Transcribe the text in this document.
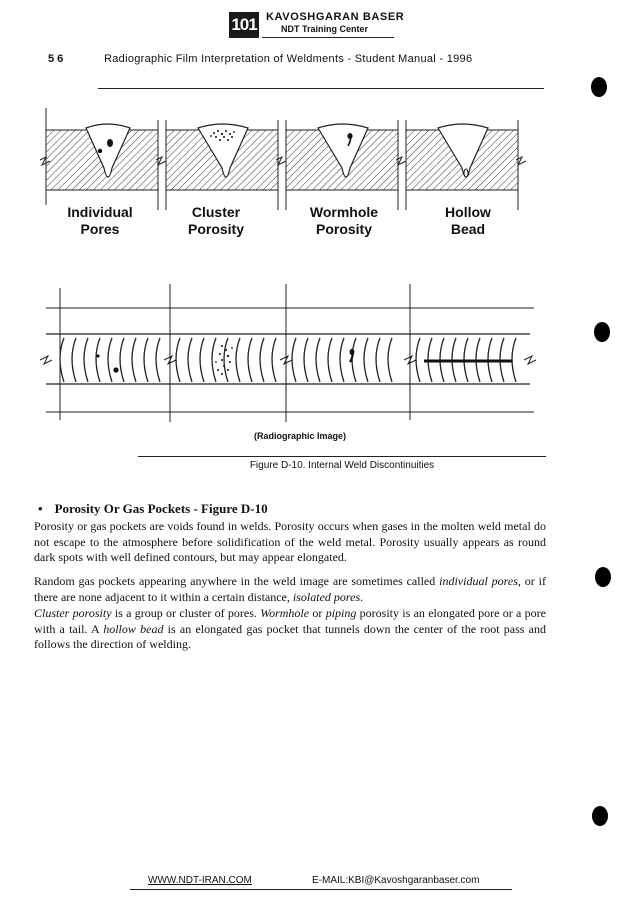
101 KAVOSHGARAN BASER
NDT Training Center
5 6	Radiographic Film Interpretation of Weldments - Student Manual - 1996
Individual
Pores
Cluster
Porosity
Wormhole
Porosity
Hollow
Bead
(Radiographic Image)
Figure D-10. Internal Weld Discontinuities
• Porosity Or Gas Pockets - Figure D-10

Porosity or gas pockets are voids found in welds. Porosity occurs when gases in the molten weld metal do not escape to the atmosphere before solidification of the weld metal. Porosity usually appears as round dark spots with well defined contours, but may appear elongated.

Random gas pockets appearing anywhere in the weld image are sometimes called individual pores, or if there are none adjacent to it within a certain distance, isolated pores.

Cluster porosity is a group or cluster of pores. Wormhole or piping porosity is an elongated pore or a pore with a tail. A hollow bead is an elongated gas pocket that tunnels down the center of the root pass and follows the direction of welding.

WWW.NDT-IRAN.COM	E-MAIL:KBI@Kavoshgaranbaser.com
